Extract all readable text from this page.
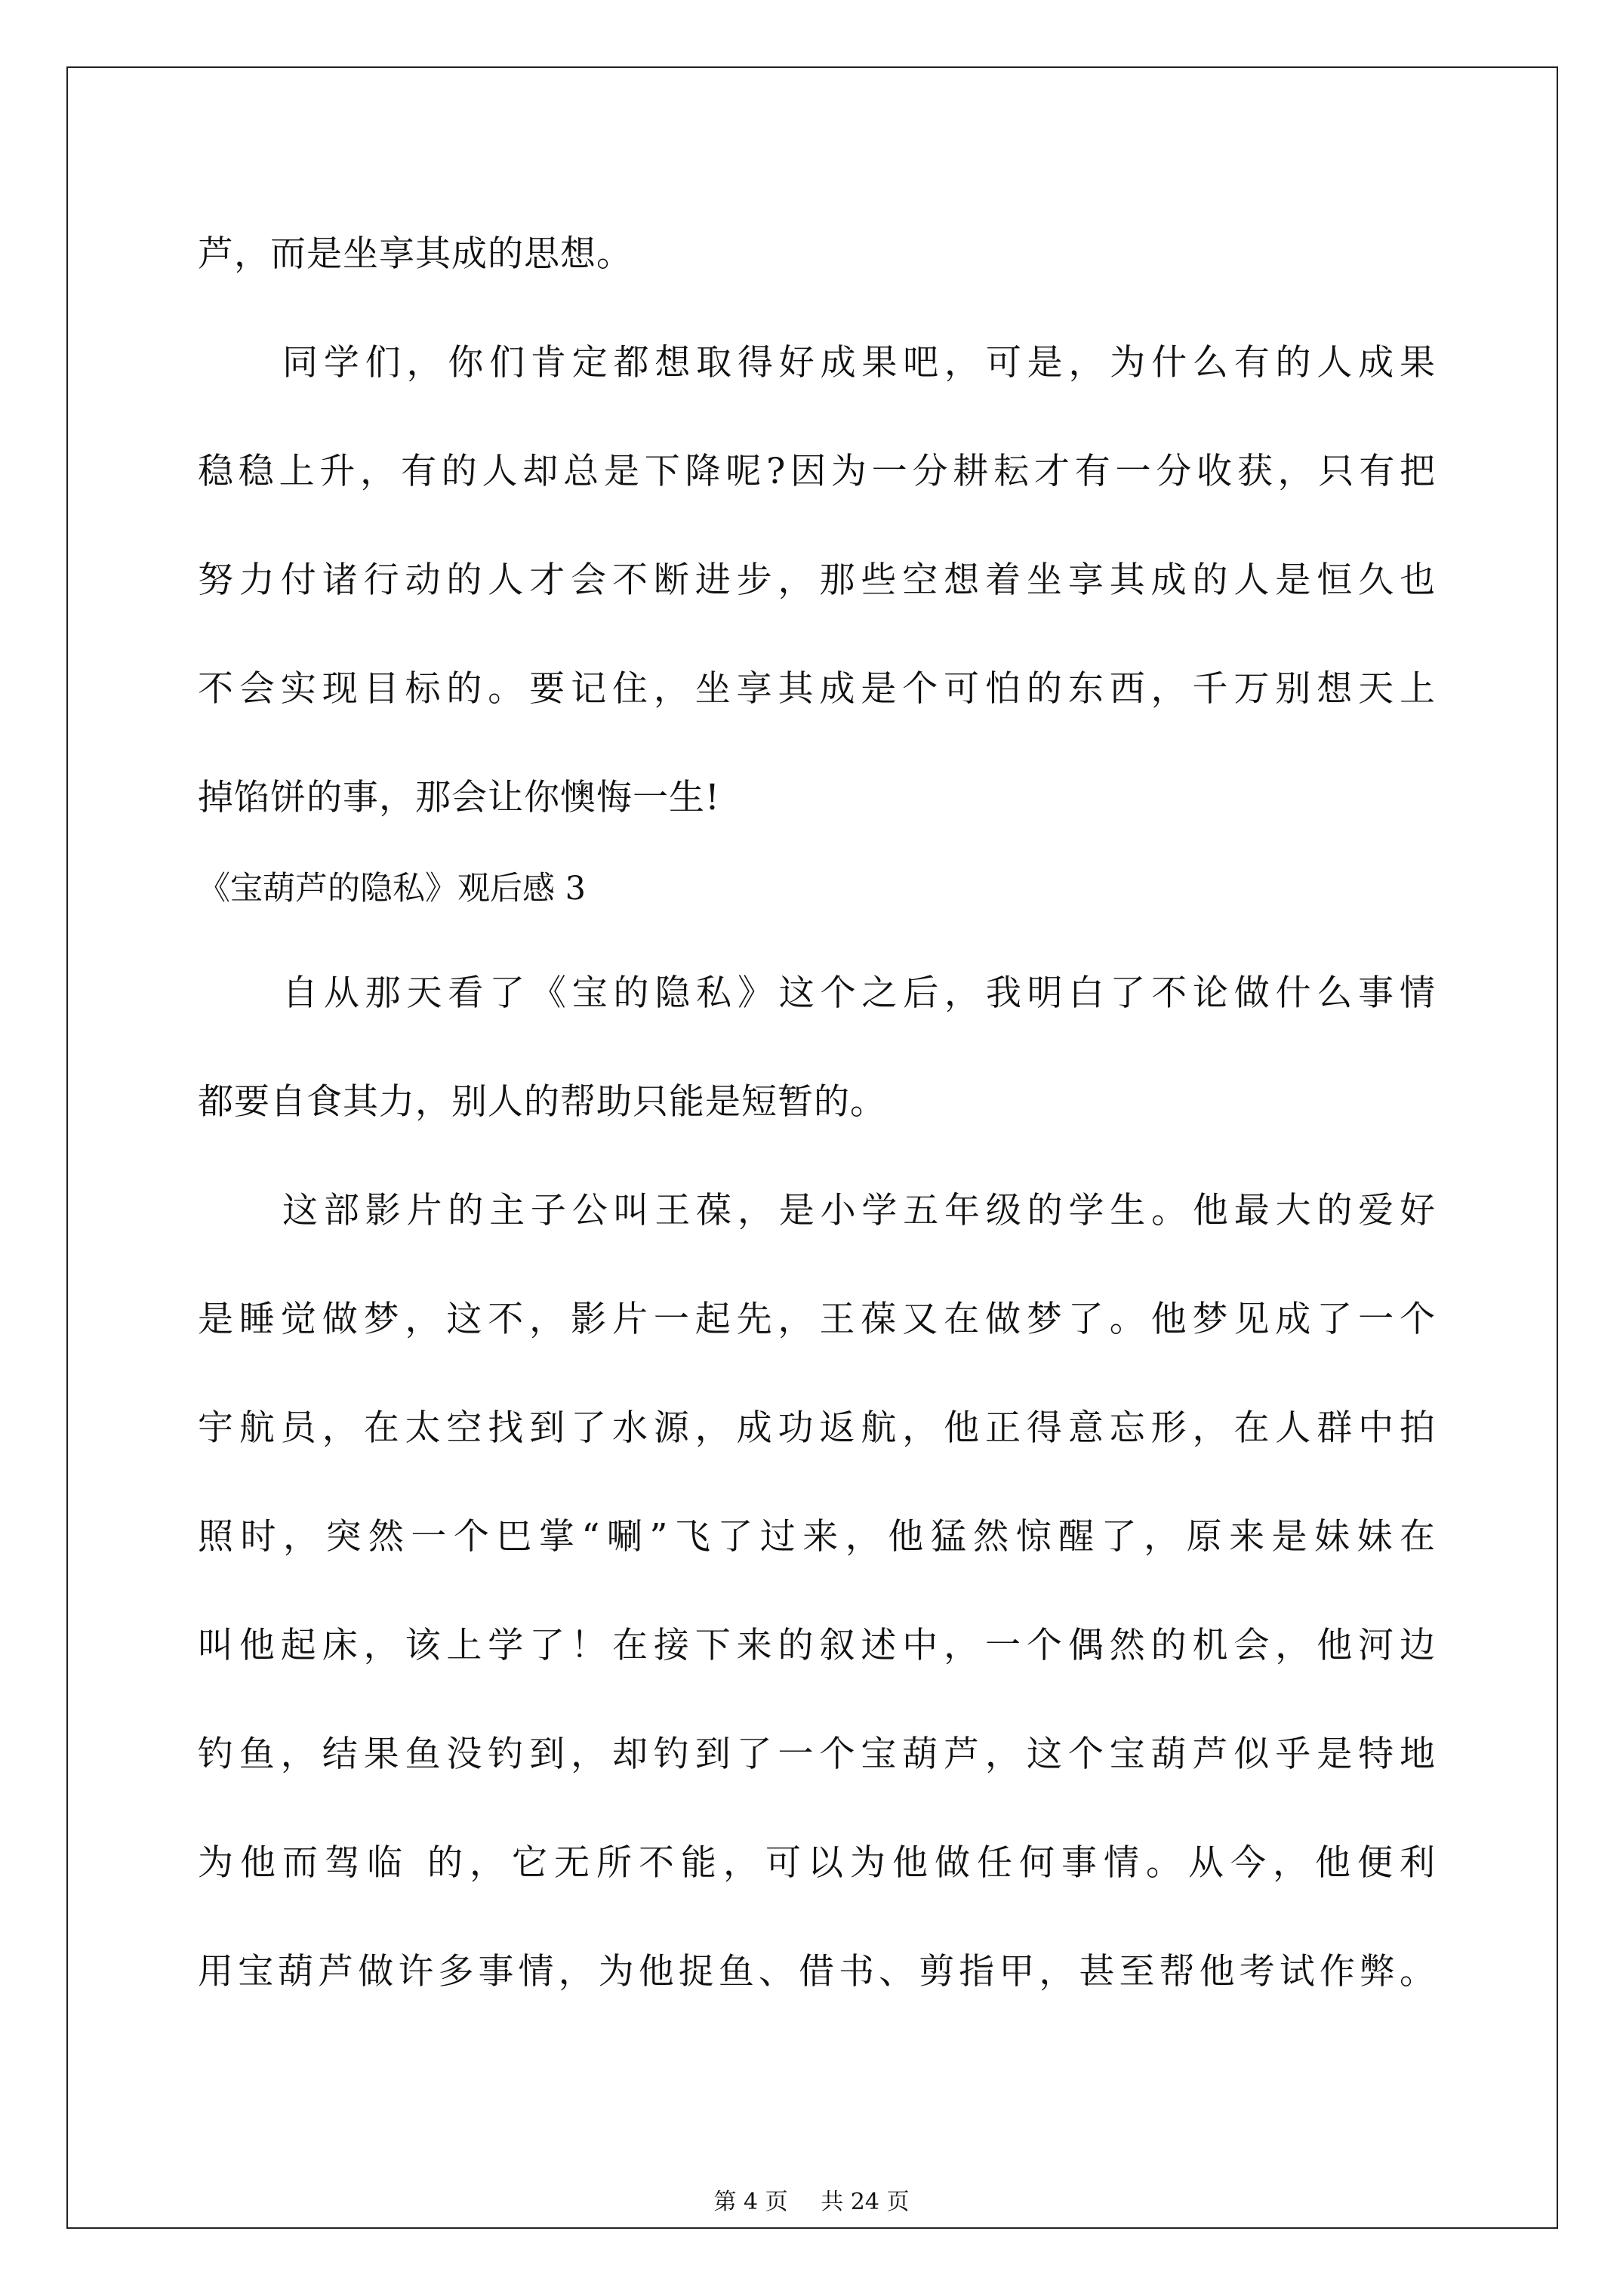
芦，而是坐享其成的思想。
同学们，你们肯定都想取得好成果吧，可是，为什么有的人成果
稳稳上升，有的人却总是下降呢?因为一分耕耘才有一分收获，只有把
努力付诸行动的人才会不断进步，那些空想着坐享其成的人是恒久也
不会实现目标的。要记住，坐享其成是个可怕的东西，千万别想天上
掉馅饼的事，那会让你懊悔一生!
《宝葫芦的隐私》观后感 3
自从那天看了《宝的隐私》这个之后，我明白了不论做什么事情
都要自食其力，别人的帮助只能是短暂的。
这部影片的主子公叫王葆，是小学五年级的学生。他最大的爱好
是睡觉做梦，这不，影片一起先，王葆又在做梦了。他梦见成了一个
宇航员，在太空找到了水源，成功返航，他正得意忘形，在人群中拍
照时，突然一个巴掌“唰”飞了过来，他猛然惊醒了，原来是妹妹在
叫他起床，该上学了！在接下来的叙述中，一个偶然的机会，他河边
钓鱼，结果鱼没钓到，却钓到了一个宝葫芦，这个宝葫芦似乎是特地
为他而驾临 的，它无所不能，可以为他做任何事情。从今，他便利
用宝葫芦做许多事情，为他捉鱼、借书、剪指甲，甚至帮他考试作弊。
第 4 页 共 24 页
